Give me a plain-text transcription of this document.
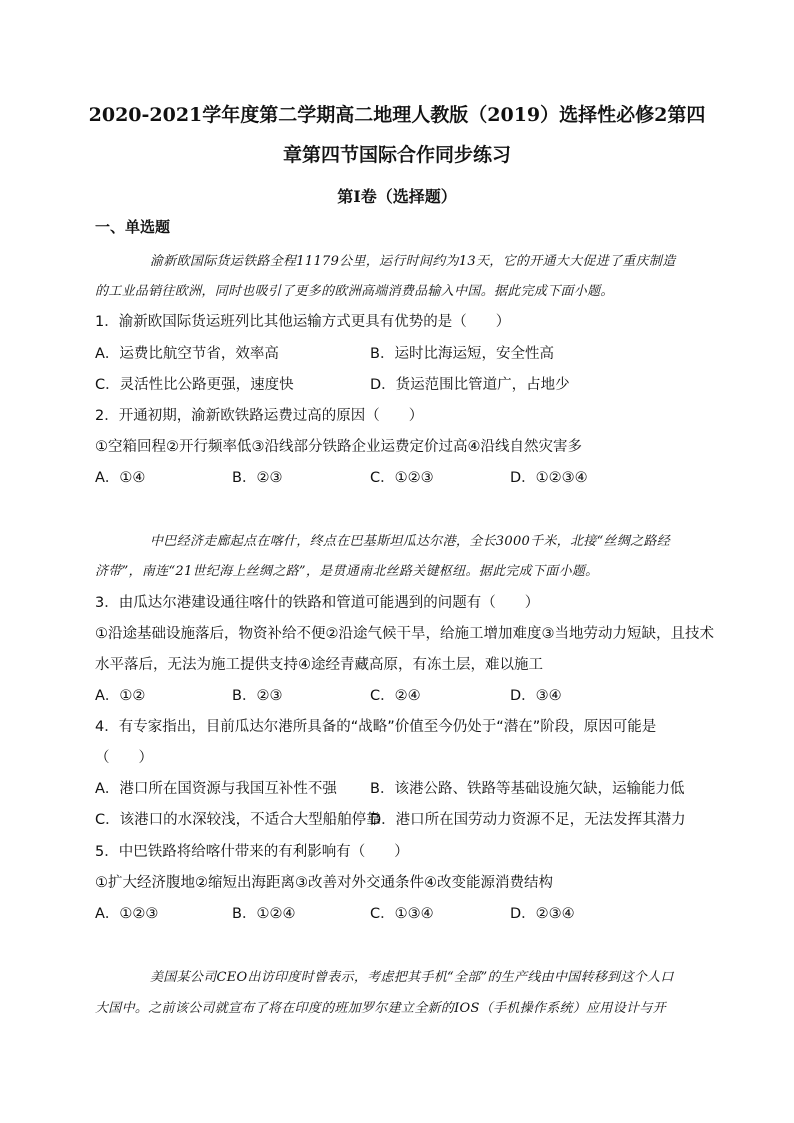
2020-2021学年度第二学期高二地理人教版（2019）选择性必修2第四
章第四节国际合作同步练习
第I卷（选择题）
一、单选题
渝新欧国际货运铁路全程11179公里，运行时间约为13天，它的开通大大促进了重庆制造
的工业品销往欧洲，同时也吸引了更多的欧洲高端消费品输入中国。据此完成下面小题。
1．渝新欧国际货运班列比其他运输方式更具有优势的是（　　）
A．运费比航空节省，效率高	B．运时比海运短，安全性高
C．灵活性比公路更强，速度快	D．货运范围比管道广，占地少
2．开通初期，渝新欧铁路运费过高的原因（　　）
①空箱回程②开行频率低③沿线部分铁路企业运费定价过高④沿线自然灾害多
A．①④	B．②③	C．①②③	D．①②③④
中巴经济走廊起点在喀什，终点在巴基斯坦瓜达尔港，全长3000千米，北接“丝绸之路经
济带”，南连“21世纪海上丝绸之路”，是贯通南北丝路关键枢纽。据此完成下面小题。
3．由瓜达尔港建设通往喀什的铁路和管道可能遇到的问题有（　　）
①沿途基础设施落后，物资补给不便②沿途气候干旱，给施工增加难度③当地劳动力短缺，且技术
水平落后，无法为施工提供支持④途经青藏高原，有冻土层，难以施工
A．①②	B．②③	C．②④	D．③④
4．有专家指出，目前瓜达尔港所具备的“战略”价值至今仍处于“潜在”阶段，原因可能是
（　　）
A．港口所在国资源与我国互补性不强 B．该港公路、铁路等基础设施欠缺，运输能力低
C．该港口的水深较浅，不适合大型船舶停靠
D．港口所在国劳动力资源不足，无法发挥其潜力
5．中巴铁路将给喀什带来的有利影响有（　　）
①扩大经济腹地②缩短出海距离③改善对外交通条件④改变能源消费结构
A．①②③	B．①②④	C．①③④	D．②③④
美国某公司CEO出访印度时曾表示，考虑把其手机“全部”的生产线由中国转移到这个人口
大国中。之前该公司就宣布了将在印度的班加罗尔建立全新的IOS（手机操作系统）应用设计与开
